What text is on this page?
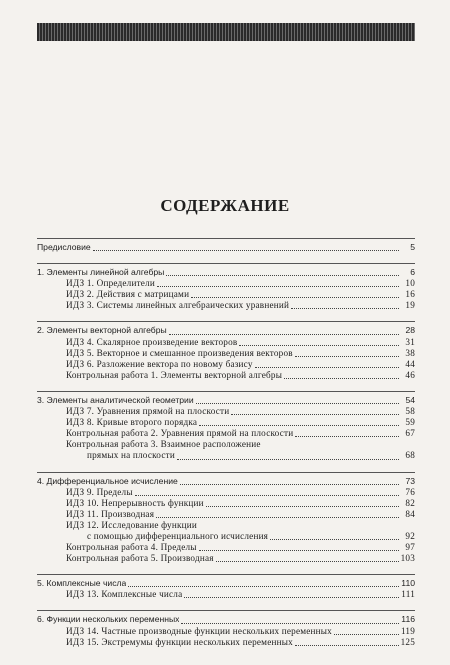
СОДЕРЖАНИЕ
Предисловие	5
1. Элементы линейной алгебры	6
ИДЗ 1. Определители	10
ИДЗ 2. Действия с матрицами	16
ИДЗ 3. Системы линейных алгебраических уравнений	19
2. Элементы векторной алгебры	28
ИДЗ 4. Скалярное произведение векторов	31
ИДЗ 5. Векторное и смешанное произведения векторов	38
ИДЗ 6. Разложение вектора по новому базису	44
Контрольная работа 1. Элементы векторной алгебры	46
3. Элементы аналитической геометрии	54
ИДЗ 7. Уравнения прямой на плоскости	58
ИДЗ 8. Кривые второго порядка	59
Контрольная работа 2. Уравнения прямой на плоскости	67
Контрольная работа 3. Взаимное расположение
прямых на плоскости	68
4. Дифференциальное исчисление	73
ИДЗ 9. Пределы	76
ИДЗ 10. Непрерывность функции	82
ИДЗ 11. Производная	84
ИДЗ 12. Исследование функции
с помощью дифференциального исчисления	92
Контрольная работа 4. Пределы	97
Контрольная работа 5. Производная	103
5. Комплексные числа	110
ИДЗ 13. Комплексные числа	111
6. Функции нескольких переменных	116
ИДЗ 14. Частные производные функции нескольких переменных	119
ИДЗ 15. Экстремумы функции нескольких переменных	125
